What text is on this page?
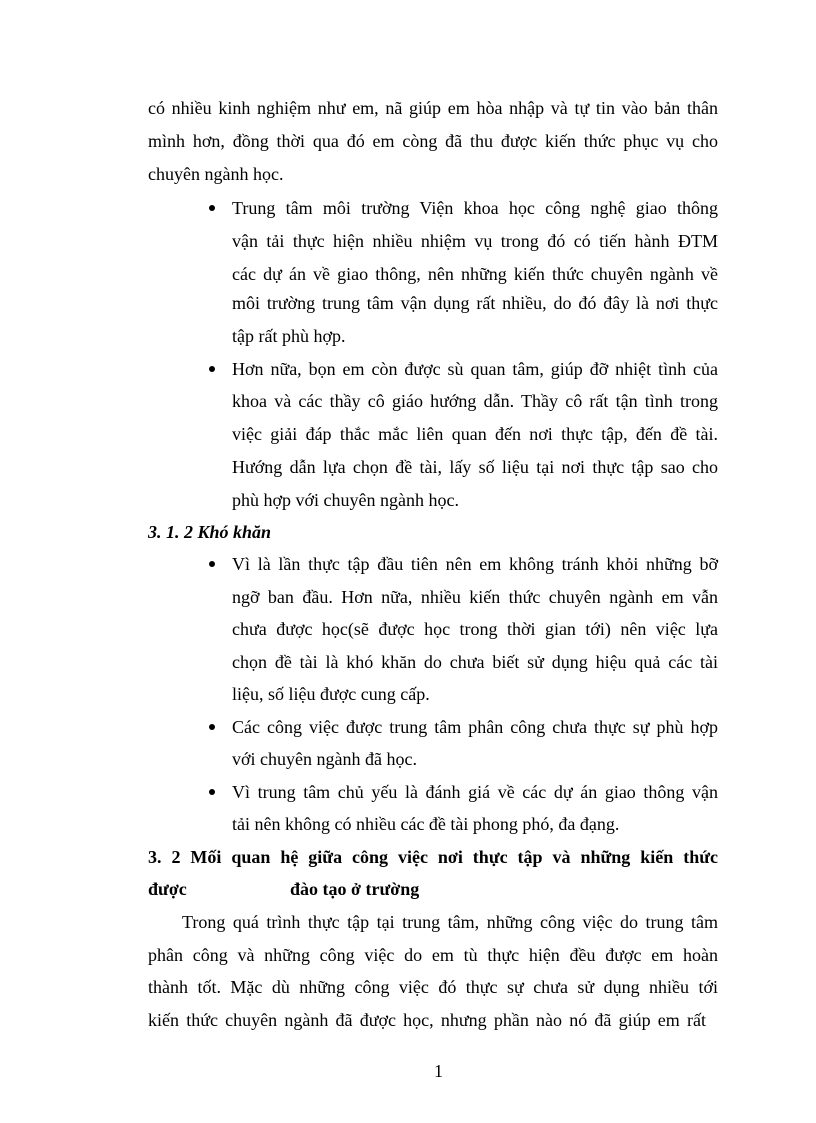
có nhiều kinh nghiệm như em, nã giúp em hòa nhập và tự tin vào bản thân
mình hơn, đồng thời qua đó em còng đã thu được kiến thức phục vụ cho
chuyên ngành học.
Trung tâm môi trường Viện khoa học công nghệ giao thông
vận tải thực hiện nhiều nhiệm vụ trong đó có tiến hành ĐTM
các dự án về giao thông, nên những kiến thức chuyên ngành về
môi trường trung tâm vận dụng rất nhiều, do đó đây là nơi thực
tập rất phù hợp.
Hơn nữa, bọn em còn được sù quan tâm, giúp đỡ nhiệt tình của
khoa và các thầy cô giáo hướng dẫn. Thầy cô rất tận tình trong
việc giải đáp thắc mắc liên quan đến nơi thực tập, đến đề tài.
Hướng dẫn lựa chọn đề tài, lấy số liệu tại nơi thực tập sao cho
phù hợp với chuyên ngành học.
3. 1. 2 Khó khăn
Vì là lần thực tập đầu tiên nên em không tránh khỏi những bỡ
ngỡ ban đầu. Hơn nữa, nhiều kiến thức chuyên ngành em vẫn
chưa được học(sẽ được học trong thời gian tới) nên việc lựa
chọn đề tài là khó khăn do chưa biết sử dụng hiệu quả các tài
liệu, số liệu được cung cấp.
Các công việc được trung tâm phân công chưa thực sự phù hợp
với chuyên ngành đã học.
Vì trung tâm chủ yếu là đánh giá về các dự án giao thông vận
tải nên không có nhiều các đề tài phong phó, đa đạng.
3. 2 Mối quan hệ giữa công việc nơi thực tập và những kiến thức
được	đào tạo ở trường
Trong quá trình thực tập tại trung tâm, những công việc do trung tâm
phân công và những công việc do em tù thực hiện đều được em hoàn
thành tốt. Mặc dù những công việc đó thực sự chưa sử dụng nhiều tới
kiến thức chuyên ngành đã được học, nhưng phần nào nó đã giúp em rất
1
